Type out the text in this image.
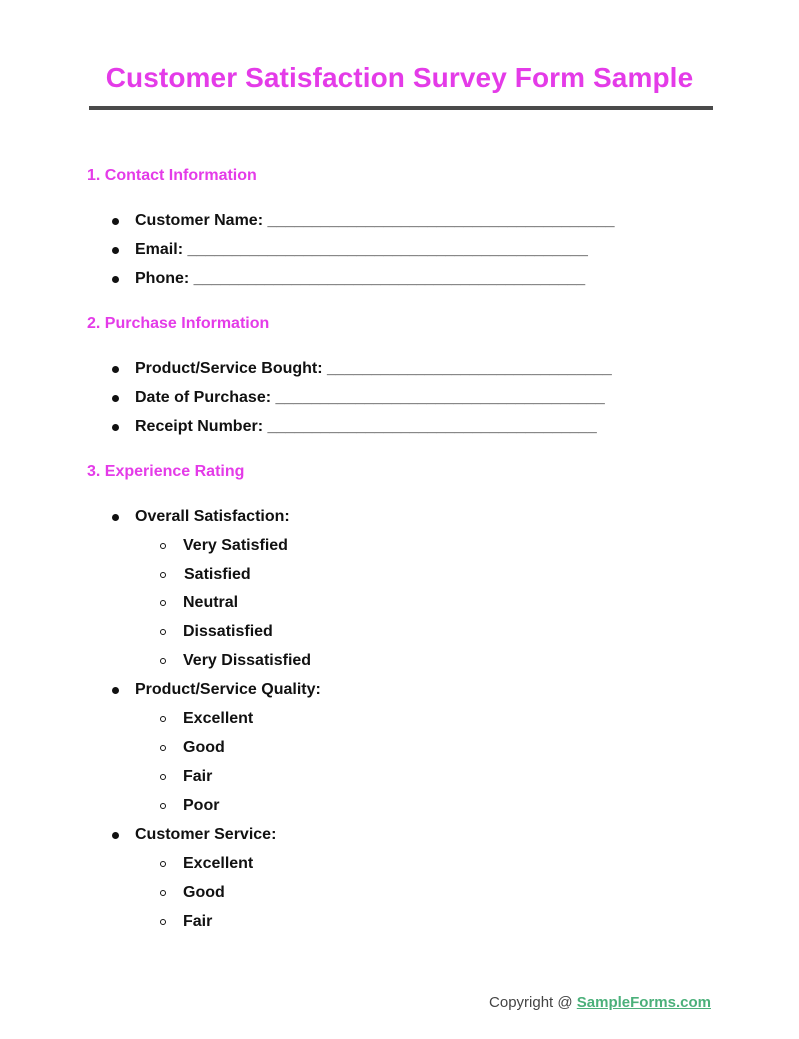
Customer Satisfaction Survey Form Sample
1. Contact Information
Customer Name: _______________________________________
Email: _____________________________________________
Phone: ____________________________________________
2. Purchase Information
Product/Service Bought: ________________________________
Date of Purchase: _____________________________________
Receipt Number: _____________________________________
3. Experience Rating
Overall Satisfaction:
Very Satisfied
Satisfied
Neutral
Dissatisfied
Very Dissatisfied
Product/Service Quality:
Excellent
Good
Fair
Poor
Customer Service:
Excellent
Good
Fair
Copyright @ SampleForms.com
